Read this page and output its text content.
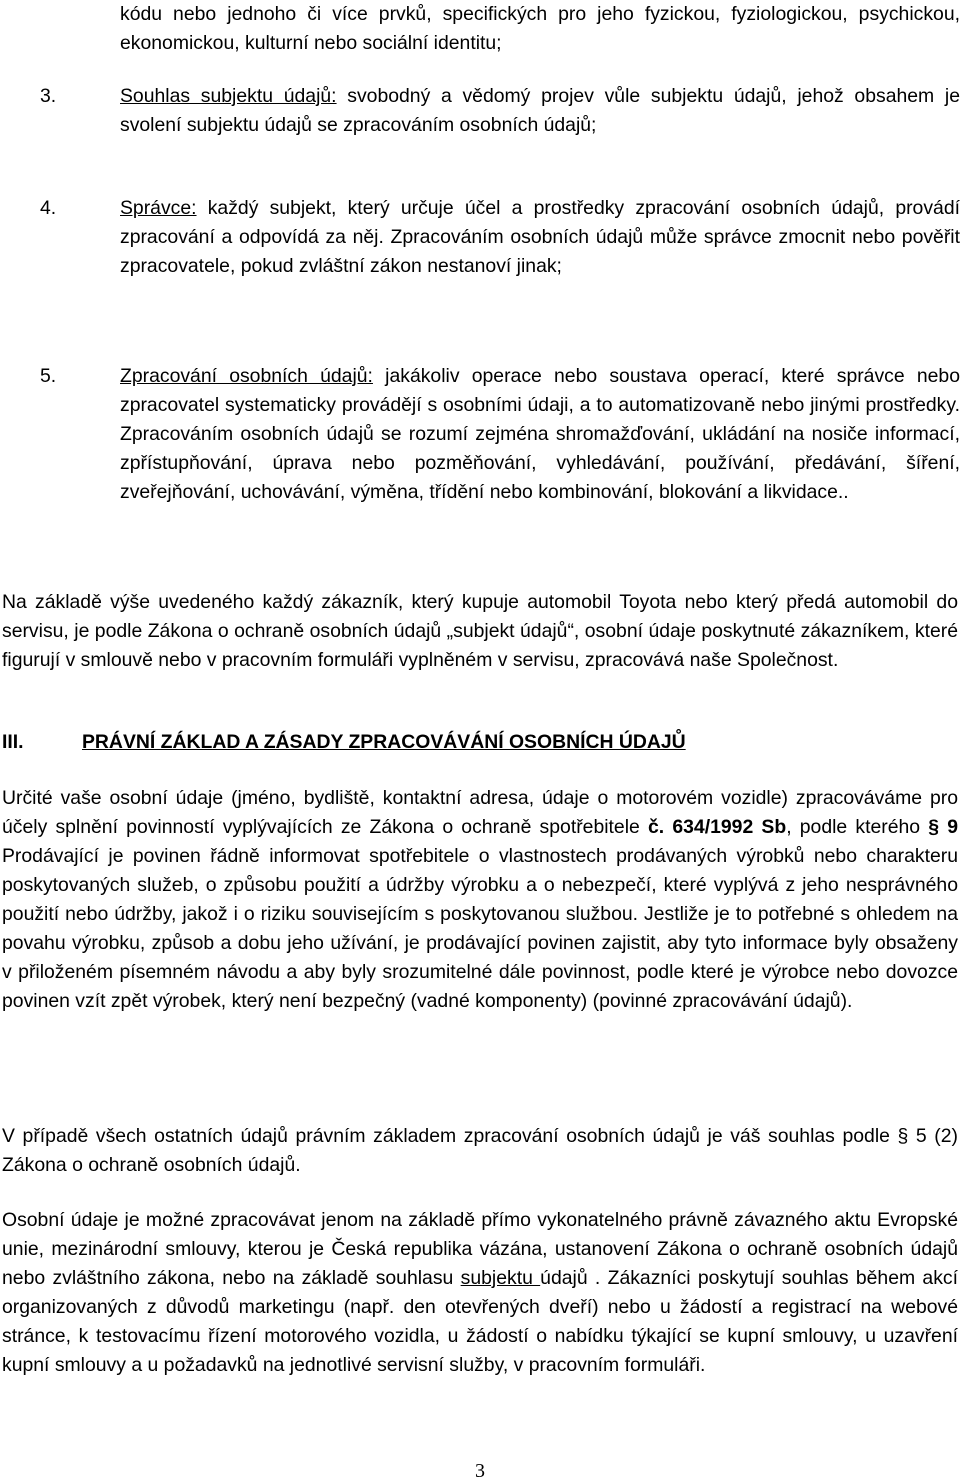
kódu nebo jednoho či více prvků, specifických pro jeho fyzickou, fyziologickou, psychickou, ekonomickou, kulturní nebo sociální identitu;
3.	Souhlas subjektu údajů: svobodný a vědomý projev vůle subjektu údajů, jehož obsahem je svolení subjektu údajů se zpracováním osobních údajů;
4.	Správce: každý subjekt, který určuje účel a prostředky zpracování osobních údajů, provádí zpracování a odpovídá za něj. Zpracováním osobních údajů může správce zmocnit nebo pověřit zpracovatele, pokud zvláštní zákon nestanoví jinak;
5.	Zpracování osobních údajů: jakákoliv operace nebo soustava operací, které správce nebo zpracovatel systematicky provádějí s osobními údaji, a to automatizovaně nebo jinými prostředky. Zpracováním osobních údajů se rozumí zejména shromažďování, ukládání na nosiče informací, zpřístupňování, úprava nebo pozměňování, vyhledávání, používání, předávání, šíření, zveřejňování, uchovávání, výměna, třídění nebo kombinování, blokování a likvidace..
Na základě výše uvedeného každý zákazník, který kupuje automobil Toyota nebo který předá automobil do servisu, je podle Zákona o ochraně osobních údajů „subjekt údajů“, osobní údaje poskytnuté zákazníkem, které figurují v smlouvě nebo v pracovním formuláři vyplněném v servisu, zpracovává naše Společnost.
III.	PRÁVNÍ ZÁKLAD A ZÁSADY ZPRACOVÁVÁNÍ OSOBNÍCH ÚDAJŮ
Určité vaše osobní údaje (jméno, bydliště, kontaktní adresa, údaje o motorovém vozidle) zpracováváme pro účely splnění povinností vyplývajících ze Zákona o ochraně spotřebitele č. 634/1992 Sb, podle kterého § 9 Prodávající je povinen řádně informovat spotřebitele o vlastnostech prodávaných výrobků nebo charakteru poskytovaných služeb, o způsobu použití a údržby výrobku a o nebezpečí, které vyplývá z jeho nesprávného použití nebo údržby, jakož i o riziku souvisejícím s poskytovanou službou. Jestliže je to potřebné s ohledem na povahu výrobku, způsob a dobu jeho užívání, je prodávající povinen zajistit, aby tyto informace byly obsaženy v přiloženém písemném návodu a aby byly srozumitelné dále povinnost, podle které je výrobce nebo dovozce povinen vzít zpět výrobek, který není bezpečný (vadné komponenty) (povinné zpracovávání údajů).
V případě všech ostatních údajů právním základem zpracování osobních údajů je váš souhlas podle § 5 (2) Zákona o ochraně osobních údajů.
Osobní údaje je možné zpracovávat jenom na základě přímo vykonatelného právně závazného aktu Evropské unie, mezinárodní smlouvy, kterou je Česká republika vázána, ustanovení Zákona o ochraně osobních údajů nebo zvláštního zákona, nebo na základě souhlasu subjektu údajů . Zákazníci poskytují souhlas během akcí organizovaných z důvodů marketingu (např. den otevřených dveří) nebo u žádostí a registrací na webové stránce, k testovacímu řízení motorového vozidla, u žádostí o nabídku týkající se kupní smlouvy, u uzavření kupní smlouvy a u požadavků na jednotlivé servisní služby, v pracovním formuláři.
3
